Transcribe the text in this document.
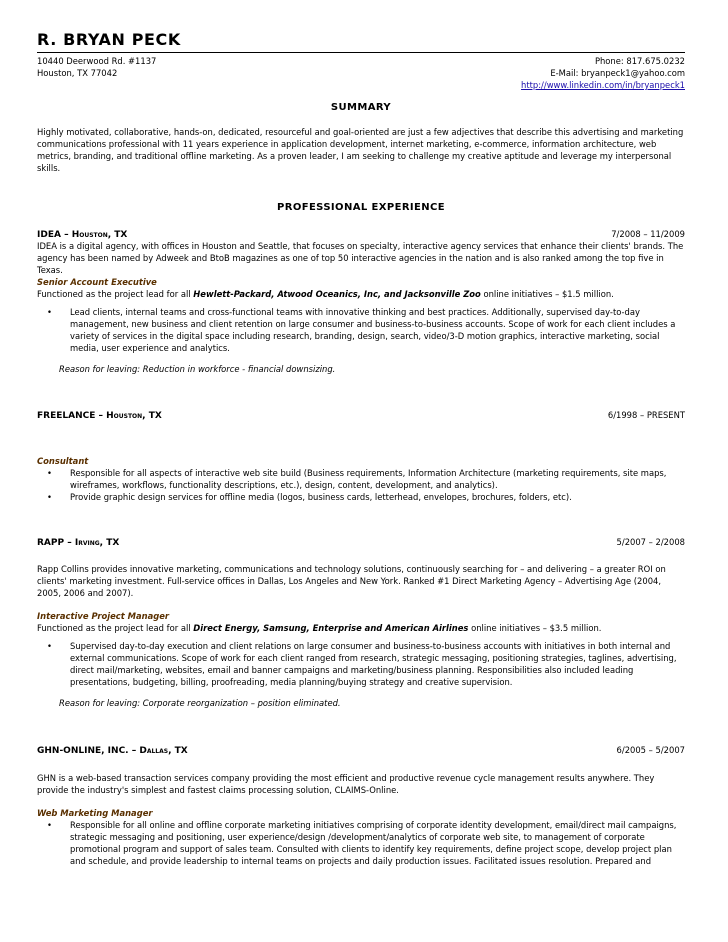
R. BRYAN PECK
10440 Deerwood Rd. #1137
Houston, TX 77042
Phone: 817.675.0232
E-Mail: bryanpeck1@yahoo.com
http://www.linkedin.com/in/bryanpeck1
SUMMARY
Highly motivated, collaborative, hands-on, dedicated, resourceful and goal-oriented are just a few adjectives that describe this advertising and marketing communications professional with 11 years experience in application development, internet marketing, e-commerce, information architecture, web metrics, branding, and traditional offline marketing. As a proven leader, I am seeking to challenge my creative aptitude and leverage my interpersonal skills.
PROFESSIONAL EXPERIENCE
IDEA – Houston, TX	7/2008 – 11/2009
IDEA is a digital agency, with offices in Houston and Seattle, that focuses on specialty, interactive agency services that enhance their clients' brands. The agency has been named by Adweek and BtoB magazines as one of top 50 interactive agencies in the nation and is also ranked among the top five in Texas.
Senior Account Executive
Functioned as the project lead for all Hewlett-Packard, Atwood Oceanics, Inc, and Jacksonville Zoo online initiatives – $1.5 million.
• Lead clients, internal teams and cross-functional teams with innovative thinking and best practices. Additionally, supervised day-to-day management, new business and client retention on large consumer and business-to-business accounts. Scope of work for each client includes a variety of services in the digital space including research, branding, design, search, video/3-D motion graphics, interactive marketing, social media, user experience and analytics.
Reason for leaving: Reduction in workforce - financial downsizing.
FREELANCE – Houston, TX	6/1998 – PRESENT
Consultant
• Responsible for all aspects of interactive web site build (Business requirements, Information Architecture (marketing requirements, site maps, wireframes, workflows, functionality descriptions, etc.), design, content, development, and analytics).
• Provide graphic design services for offline media (logos, business cards, letterhead, envelopes, brochures, folders, etc).
RAPP – Irving, TX	5/2007 – 2/2008
Rapp Collins provides innovative marketing, communications and technology solutions, continuously searching for – and delivering – a greater ROI on clients' marketing investment. Full-service offices in Dallas, Los Angeles and New York. Ranked #1 Direct Marketing Agency – Advertising Age (2004, 2005, 2006 and 2007).
Interactive Project Manager
Functioned as the project lead for all Direct Energy, Samsung, Enterprise and American Airlines online initiatives – $3.5 million.
• Supervised day-to-day execution and client relations on large consumer and business-to-business accounts with initiatives in both internal and external communications. Scope of work for each client ranged from research, strategic messaging, positioning strategies, taglines, advertising, direct mail/marketing, websites, email and banner campaigns and marketing/business planning. Responsibilities also included leading presentations, budgeting, billing, proofreading, media planning/buying strategy and creative supervision.
Reason for leaving: Corporate reorganization – position eliminated.
GHN-ONLINE, INC. – Dallas, TX	6/2005 – 5/2007
GHN is a web-based transaction services company providing the most efficient and productive revenue cycle management results anywhere. They provide the industry's simplest and fastest claims processing solution, CLAIMS-Online.
Web Marketing Manager
• Responsible for all online and offline corporate marketing initiatives comprising of corporate identity development, email/direct mail campaigns, strategic messaging and positioning, user experience/design /development/analytics of corporate web site, to management of corporate promotional program and support of sales team. Consulted with clients to identify key requirements, define project scope, develop project plan and schedule, and provide leadership to internal teams on projects and daily production issues. Facilitated issues resolution. Prepared and
